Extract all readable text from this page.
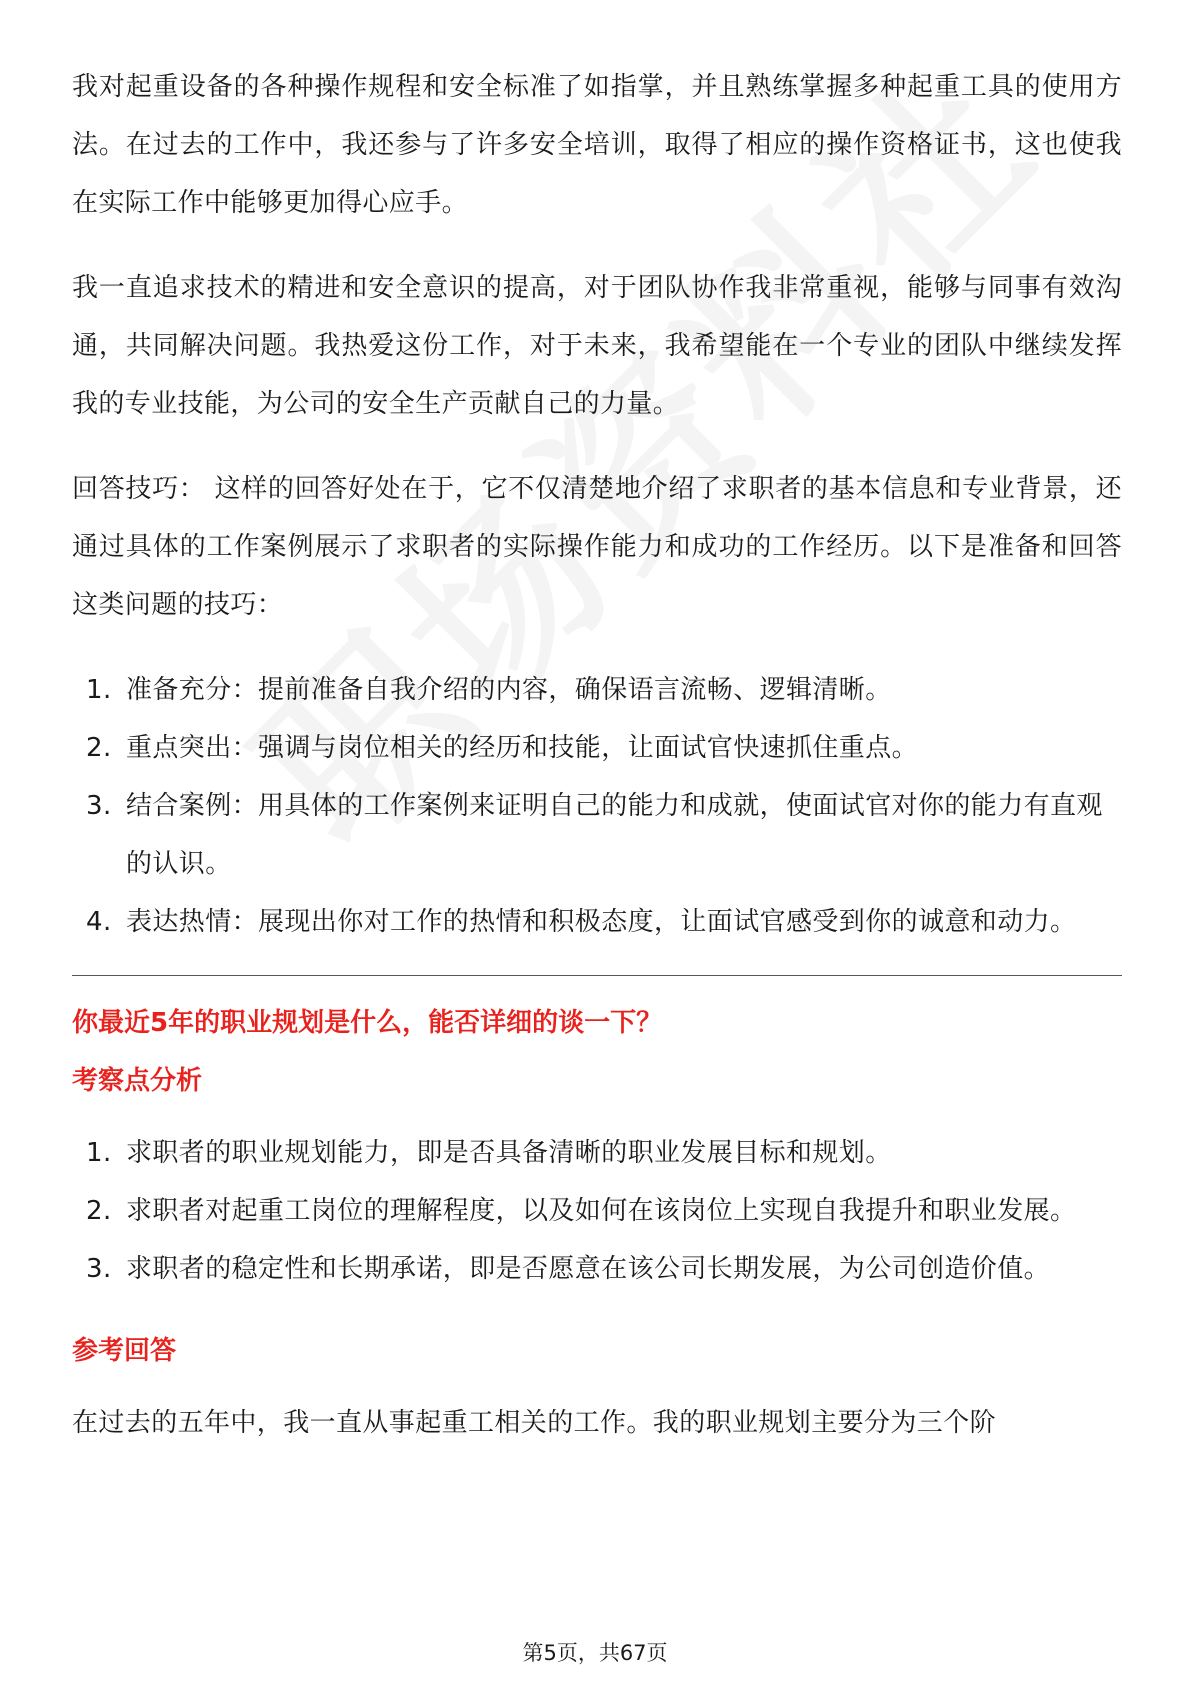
我对起重设备的各种操作规程和安全标准了如指掌，并且熟练掌握多种起重工具的使用方法。在过去的工作中，我还参与了许多安全培训，取得了相应的操作资格证书，这也使我在实际工作中能够更加得心应手。

我一直追求技术的精进和安全意识的提高，对于团队协作我非常重视，能够与同事有效沟通，共同解决问题。我热爱这份工作，对于未来，我希望能在一个专业的团队中继续发挥我的专业技能，为公司的安全生产贡献自己的力量。

回答技巧： 这样的回答好处在于，它不仅清楚地介绍了求职者的基本信息和专业背景，还通过具体的工作案例展示了求职者的实际操作能力和成功的工作经历。以下是准备和回答这类问题的技巧：

1. 准备充分：提前准备自我介绍的内容，确保语言流畅、逻辑清晰。
2. 重点突出：强调与岗位相关的经历和技能，让面试官快速抓住重点。
3. 结合案例：用具体的工作案例来证明自己的能力和成就，使面试官对你的能力有直观的认识。
4. 表达热情：展现出你对工作的热情和积极态度，让面试官感受到你的诚意和动力。
你最近5年的职业规划是什么，能否详细的谈一下？
考察点分析
1. 求职者的职业规划能力，即是否具备清晰的职业发展目标和规划。
2. 求职者对起重工岗位的理解程度，以及如何在该岗位上实现自我提升和职业发展。
3. 求职者的稳定性和长期承诺，即是否愿意在该公司长期发展，为公司创造价值。
参考回答

在过去的五年中，我一直从事起重工相关的工作。我的职业规划主要分为三个阶

第5页，共67页
